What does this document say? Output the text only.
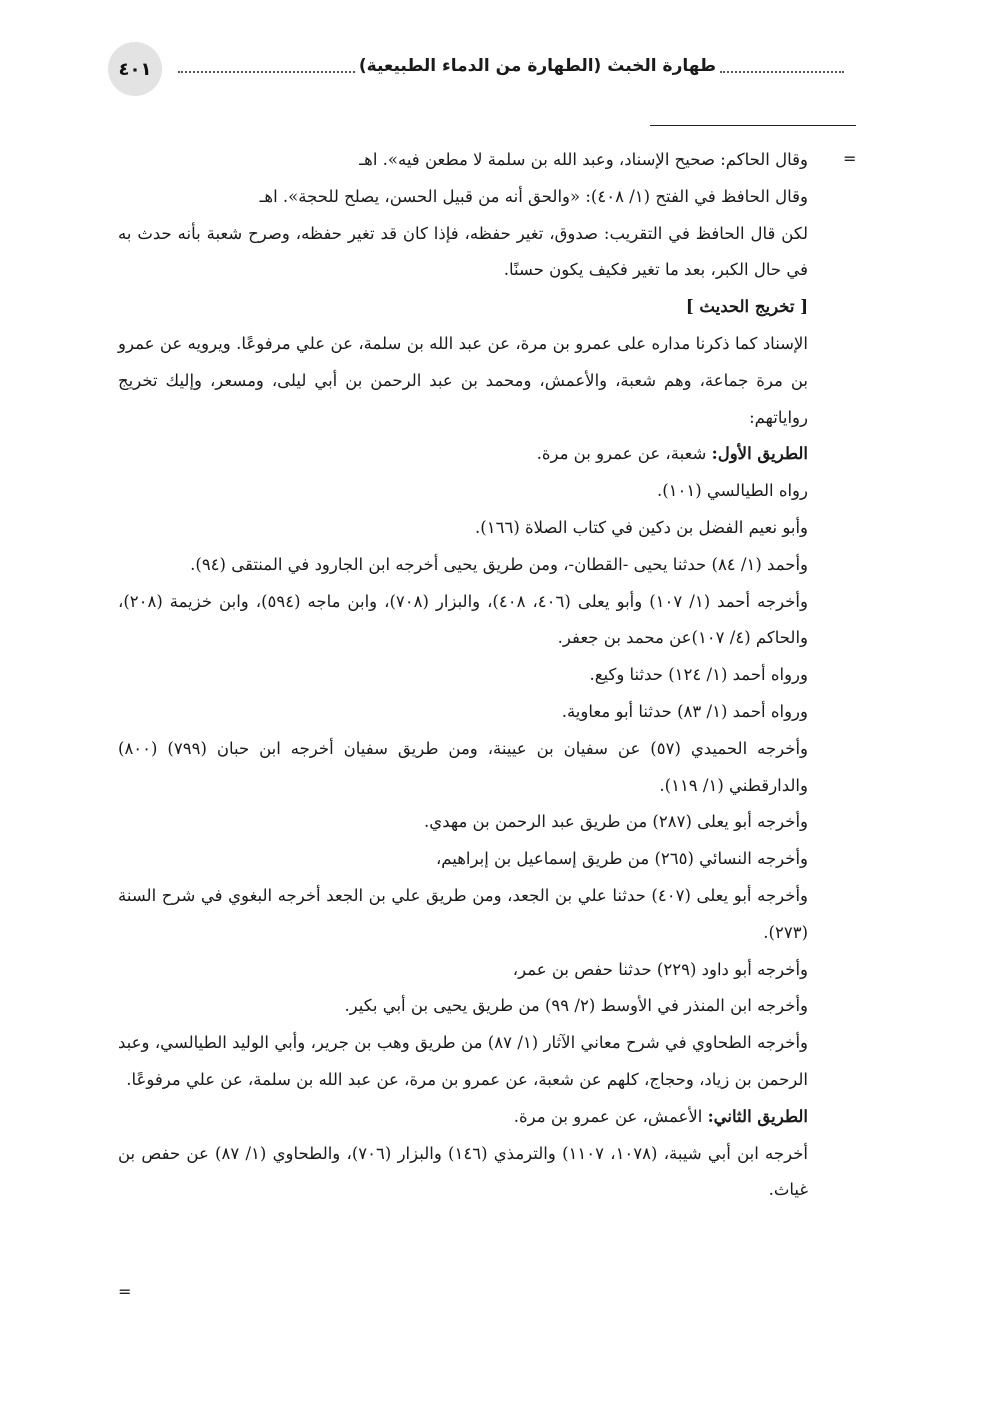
٤٠١	طهارة الخبث (الطهارة من الدماء الطبيعية)
=

وقال الحاكم: صحيح الإسناد، وعبد الله بن سلمة لا مطعن فيه». اهـ

وقال الحافظ في الفتح (١/ ٤٠٨): «والحق أنه من قبيل الحسن، يصلح للحجة». اهـ

لكن قال الحافظ في التقريب: صدوق، تغير حفظه، فإذا كان قد تغير حفظه، وصرح شعبة بأنه حدث به في حال الكبر، بعد ما تغير فكيف يكون حسنًا.

[ تخريج الحديث ]

الإسناد كما ذكرنا مداره على عمرو بن مرة، عن عبد الله بن سلمة، عن علي مرفوعًا. ويرويه عن عمرو بن مرة جماعة، وهم شعبة، والأعمش، ومحمد بن عبد الرحمن بن أبي ليلى، ومسعر، وإليك تخريج رواياتهم:

الطريق الأول: شعبة، عن عمرو بن مرة.

رواه الطيالسي (١٠١).

وأبو نعيم الفضل بن دكين في كتاب الصلاة (١٦٦).

وأحمد (١/ ٨٤) حدثنا يحيى -القطان-، ومن طريق يحيى أخرجه ابن الجارود في المنتقى (٩٤).

وأخرجه أحمد (١/ ١٠٧) وأبو يعلى (٤٠٦، ٤٠٨)، والبزار (٧٠٨)، وابن ماجه (٥٩٤)، وابن خزيمة (٢٠٨)، والحاكم (٤/ ١٠٧)عن محمد بن جعفر.

ورواه أحمد (١/ ١٢٤) حدثنا وكيع.

ورواه أحمد (١/ ٨٣) حدثنا أبو معاوية.

وأخرجه الحميدي (٥٧) عن سفيان بن عيينة، ومن طريق سفيان أخرجه ابن حبان (٧٩٩) (٨٠٠) والدارقطني (١/ ١١٩).

وأخرجه أبو يعلى (٢٨٧) من طريق عبد الرحمن بن مهدي.

وأخرجه النسائي (٢٦٥) من طريق إسماعيل بن إبراهيم،

وأخرجه أبو يعلى (٤٠٧) حدثنا علي بن الجعد، ومن طريق علي بن الجعد أخرجه البغوي في شرح السنة (٢٧٣).

وأخرجه أبو داود (٢٢٩) حدثنا حفص بن عمر،

وأخرجه ابن المنذر في الأوسط (٢/ ٩٩) من طريق يحيى بن أبي بكير.

وأخرجه الطحاوي في شرح معاني الآثار (١/ ٨٧) من طريق وهب بن جرير، وأبي الوليد الطيالسي، وعبد الرحمن بن زياد، وحجاج، كلهم عن شعبة، عن عمرو بن مرة، عن عبد الله بن سلمة، عن علي مرفوعًا.

الطريق الثاني: الأعمش، عن عمرو بن مرة.

أخرجه ابن أبي شيبة، (١٠٧٨، ١١٠٧) والترمذي (١٤٦) والبزار (٧٠٦)، والطحاوي (١/ ٨٧) عن حفص بن غياث.

=
